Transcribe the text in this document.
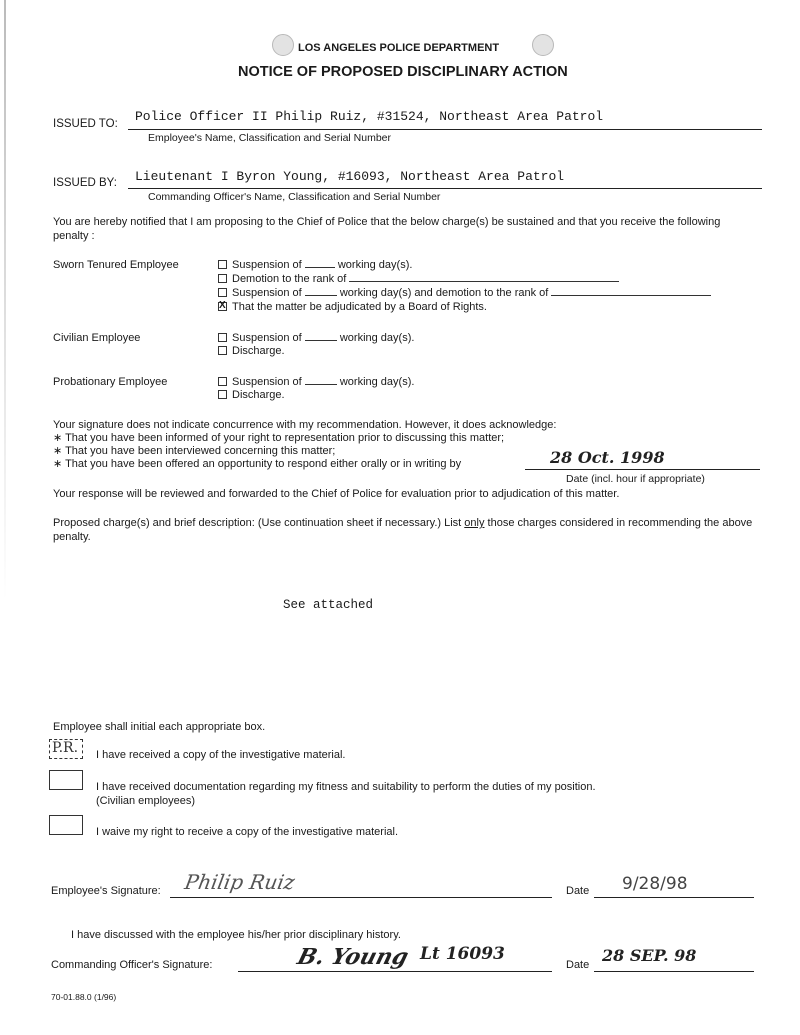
LOS ANGELES POLICE DEPARTMENT
NOTICE OF PROPOSED DISCIPLINARY ACTION
ISSUED TO: Police Officer II Philip Ruiz, #31524, Northeast Area Patrol
Employee's Name, Classification and Serial Number
ISSUED BY: Lieutenant I Byron Young, #16093, Northeast Area Patrol
Commanding Officer's Name, Classification and Serial Number
You are hereby notified that I am proposing to the Chief of Police that the below charge(s) be sustained and that you receive the following penalty :
Sworn Tenured Employee	Suspension of	working day(s).
Demotion to the rank of
Suspension of	working day(s) and demotion to the rank of
XThat the matter be adjudicated by a Board of Rights.
Civilian Employee	Suspension of	working day(s).
Discharge.
Probationary Employee	Suspension of	working day(s).
Discharge.
Your signature does not indicate concurrence with my recommendation. However, it does acknowledge:
∗ That you have been informed of your right to representation prior to discussing this matter;
∗ That you have been interviewed concerning this matter;
∗ That you have been offered an opportunity to respond either orally or in writing by	28 Oct. 1998
Date (incl. hour if appropriate)
Your response will be reviewed and forwarded to the Chief of Police for evaluation prior to adjudication of this matter.
Proposed charge(s) and brief description: (Use continuation sheet if necessary.) List only those charges considered in recommending the above penalty.
See attached
Employee shall initial each appropriate box.
P.R. I have received a copy of the investigative material.
I have received documentation regarding my fitness and suitability to perform the duties of my position.
(Civilian employees)
I waive my right to receive a copy of the investigative material.
Employee's Signature: Philip Ruiz	Date 9/28/98
I have discussed with the employee his/her prior disciplinary history.
Commanding Officer's Signature:	B. Young Lt 16093
Date 28 SEP. 98
70-01.88.0 (1/96)
